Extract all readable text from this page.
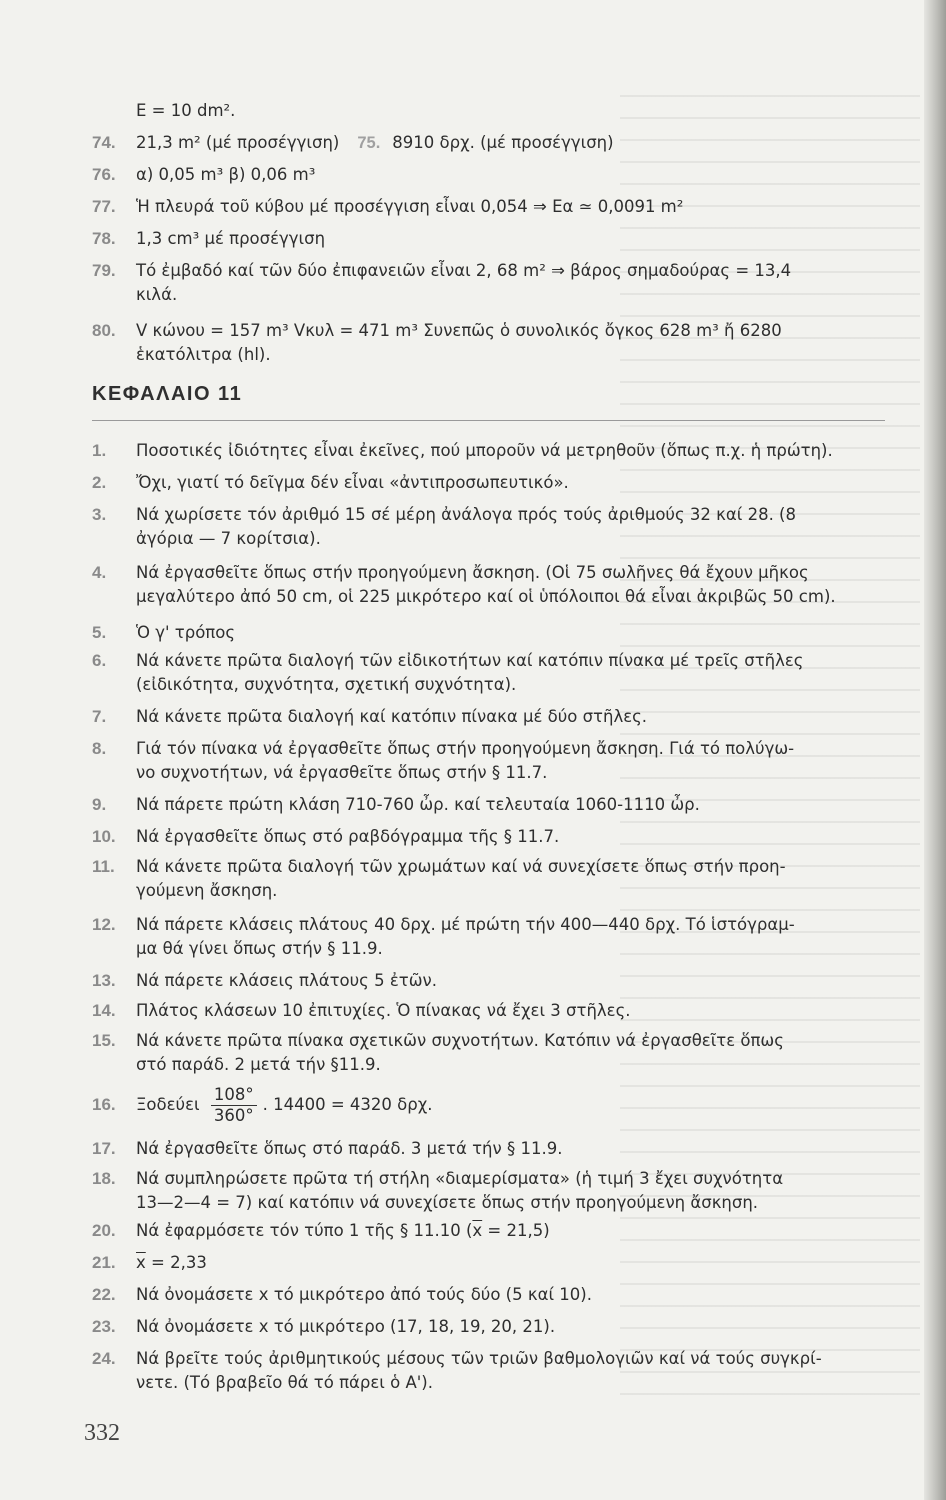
E = 10 dm².
74. 21,3 m² (μέ προσέγγιση) 75. 8910 δρχ. (μέ προσέγγιση)
76. α) 0,05 m³ β) 0,06 m³
77. Ἡ πλευρά τοῦ κύβου μέ προσέγγιση εἶναι 0,054 ⇒ Eα ≃ 0,0091 m²
78. 1,3 cm³ μέ προσέγγιση
79. Τό ἐμβαδό καί τῶν δύο ἐπιφανειῶν εἶναι 2, 68 m² ⇒ βάρος σημαδούρας = 13,4
κιλά.
80. V κώνου = 157 m³ Vκυλ = 471 m³ Συνεπῶς ὁ συνολικός ὄγκος 628 m³ ἤ 6280
ἑκατόλιτρα (hl).
ΚΕΦΑΛΑΙΟ 11
1. Ποσοτικές ἰδιότητες εἶναι ἐκεῖνες, πού μποροῦν νά μετρηθοῦν (ὅπως π.χ. ἡ πρώτη).
2. Ὄχι, γιατί τό δεῖγμα δέν εἶναι «ἀντιπροσωπευτικό».
3. Νά χωρίσετε τόν ἀριθμό 15 σέ μέρη ἀνάλογα πρός τούς ἀριθμούς 32 καί 28. (8
ἀγόρια — 7 κορίτσια).
4. Νά ἐργασθεῖτε ὅπως στήν προηγούμενη ἄσκηση. (Οἱ 75 σωλῆνες θά ἔχουν μῆκος
μεγαλύτερο ἀπό 50 cm, οἱ 225 μικρότερο καί οἱ ὑπόλοιποι θά εἶναι ἀκριβῶς 50 cm).
5. Ὁ γ' τρόπος
6. Νά κάνετε πρῶτα διαλογή τῶν εἰδικοτήτων καί κατόπιν πίνακα μέ τρεῖς στῆλες
(εἰδικότητα, συχνότητα, σχετική συχνότητα).
7. Νά κάνετε πρῶτα διαλογή καί κατόπιν πίνακα μέ δύο στῆλες.
8. Γιά τόν πίνακα νά ἐργασθεῖτε ὅπως στήν προηγούμενη ἄσκηση. Γιά τό πολύγω-
νο συχνοτήτων, νά ἐργασθεῖτε ὅπως στήν § 11.7.
9. Νά πάρετε πρώτη κλάση 710-760 ὦρ. καί τελευταία 1060-1110 ὦρ.
10. Νά ἐργασθεῖτε ὅπως στό ραβδόγραμμα τῆς § 11.7.
11. Νά κάνετε πρῶτα διαλογή τῶν χρωμάτων καί νά συνεχίσετε ὅπως στήν προη-
γούμενη ἄσκηση.
12. Νά πάρετε κλάσεις πλάτους 40 δρχ. μέ πρώτη τήν 400—440 δρχ. Τό ἱστόγραμ-
μα θά γίνει ὅπως στήν § 11.9.
13. Νά πάρετε κλάσεις πλάτους 5 ἐτῶν.
14. Πλάτος κλάσεων 10 ἐπιτυχίες. Ὁ πίνακας νά ἔχει 3 στῆλες.
15. Νά κάνετε πρῶτα πίνακα σχετικῶν συχνοτήτων. Κατόπιν νά ἐργασθεῖτε ὅπως
στό παράδ. 2 μετά τήν §11.9.
16. Ξοδεύει $\frac{108^\circ}{360^\circ}$ . 14400 = 4320 δρχ.
17. Νά ἐργασθεῖτε ὅπως στό παράδ. 3 μετά τήν § 11.9.
18. Νά συμπληρώσετε πρῶτα τή στήλη «διαμερίσματα» (ἡ τιμή 3 ἔχει συχνότητα
13—2—4 = 7) καί κατόπιν νά συνεχίσετε ὅπως στήν προηγούμενη ἄσκηση.
20. Νά ἐφαρμόσετε τόν τύπο 1 τῆς § 11.10 $(\overline{x} = 21,5)$
21. $\overline{x} = 2,33$
22. Νά ὀνομάσετε x τό μικρότερο ἀπό τούς δύο (5 καί 10).
23. Νά ὀνομάσετε x τό μικρότερο (17, 18, 19, 20, 21).
24. Νά βρεῖτε τούς ἀριθμητικούς μέσους τῶν τριῶν βαθμολογιῶν καί νά τούς συγκρί-
νετε. (Τό βραβεῖο θά τό πάρει ὁ Α').
332
